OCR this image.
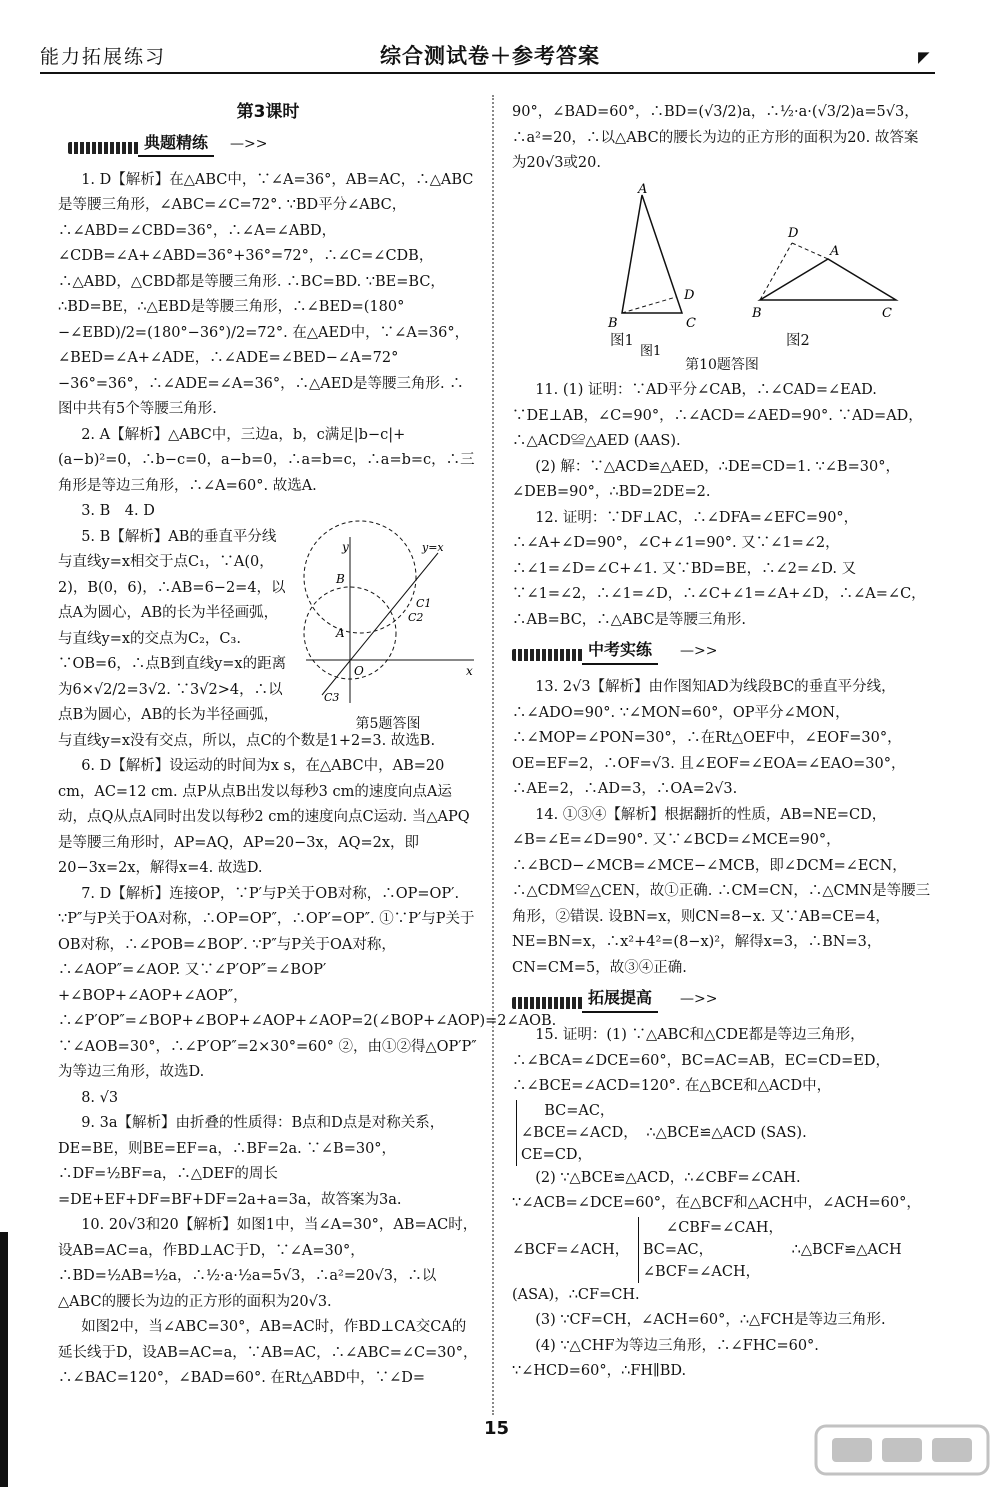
能力拓展练习	综合测试卷＋参考答案	◤

第3课时

典题精练	—>>

1. D【解析】在△ABC中，∵∠A=36°，AB=AC，∴△ABC是等腰三角形，∠ABC=∠C=72°. ∵BD平分∠ABC，∴∠ABD=∠CBD=36°，∴∠A=∠ABD，∠CDB=∠A+∠ABD=36°+36°=72°，∴∠C=∠CDB，∴△ABD，△CBD都是等腰三角形. ∴BC=BD. ∵BE=BC，∴BD=BE，∴△EBD是等腰三角形，∴∠BED=(180°−∠EBD)/2=(180°−36°)/2=72°. 在△AED中，∵∠A=36°，∠BED=∠A+∠ADE，∴∠ADE=∠BED−∠A=72°−36°=36°，∴∠ADE=∠A=36°，∴△AED是等腰三角形. ∴图中共有5个等腰三角形.

2. A【解析】△ABC中，三边a，b，c满足|b−c|+(a−b)²=0，∴b−c=0，a−b=0，∴a=b=c，∴a=b=c，∴三角形是等边三角形，∴∠A=60°. 故选A.

3. B　4. D

y
x
O
y=x
B
A
C1
C2
C3
第5题答图

5. B【解析】AB的垂直平分线与直线y=x相交于点C₁，∵A(0，2)，B(0，6)，∴AB=6−2=4，以点A为圆心，AB的长为半径画弧，与直线y=x的交点为C₂，C₃. ∵OB=6，∴点B到直线y=x的距离为6×√2/2=3√2. ∵3√2>4，∴以点B为圆心，AB的长为半径画弧，与直线y=x没有交点，所以，点C的个数是1+2=3. 故选B.

6. D【解析】设运动的时间为x s，在△ABC中，AB=20 cm，AC=12 cm. 点P从点B出发以每秒3 cm的速度向点A运动，点Q从点A同时出发以每秒2 cm的速度向点C运动. 当△APQ是等腰三角形时，AP=AQ，AP=20−3x，AQ=2x，即20−3x=2x，解得x=4. 故选D.

7. D【解析】连接OP，∵P′与P关于OB对称，∴OP=OP′. ∵P″与P关于OA对称，∴OP=OP″，∴OP′=OP″. ①∵P′与P关于OB对称，∴∠POB=∠BOP′. ∵P″与P关于OA对称，∴∠AOP″=∠AOP. 又∵∠P′OP″=∠BOP′+∠BOP+∠AOP+∠AOP″，∴∠P′OP″=∠BOP+∠BOP+∠AOP+∠AOP=2(∠BOP+∠AOP)=2∠AOB. ∵∠AOB=30°，∴∠P′OP″=2×30°=60° ②，由①②得△OP′P″为等边三角形，故选D.

8. √3

9. 3a【解析】由折叠的性质得：B点和D点是对称关系，DE=BE，则BE=EF=a，∴BF=2a. ∵∠B=30°，∴DF=½BF=a，∴△DEF的周长=DE+EF+DF=BF+DF=2a+a=3a，故答案为3a.

10. 20√3和20【解析】如图1中，当∠A=30°，AB=AC时，设AB=AC=a，作BD⊥AC于D，∵∠A=30°，∴BD=½AB=½a，∴½·a·½a=5√3，∴a²=20√3，∴以△ABC的腰长为边的正方形的面积为20√3.

如图2中，当∠ABC=30°，AB=AC时，作BD⊥CA交CA的延长线于D，设AB=AC=a，∵AB=AC，∴∠ABC=∠C=30°，∴∠BAC=120°，∠BAD=60°. 在Rt△ABD中，∵∠D=

90°，∠BAD=60°，∴BD=(√3/2)a，∴½·a·(√3/2)a=5√3，∴a²=20，∴以△ABC的腰长为边的正方形的面积为20. 故答案为20√3或20.

A
B	C
D
图1
D
A
B	C
图1	图2
第10题答图

11. (1) 证明：∵AD平分∠CAB，∴∠CAD=∠EAD. ∵DE⊥AB，∠C=90°，∴∠ACD=∠AED=90°. ∵AD=AD，∴△ACD≌△AED (AAS).

(2) 解：∵△ACD≌△AED，∴DE=CD=1. ∵∠B=30°，∠DEB=90°，∴BD=2DE=2.

12. 证明：∵DF⊥AC，∴∠DFA=∠EFC=90°，∴∠A+∠D=90°，∠C+∠1=90°. 又∵∠1=∠2，∴∠1=∠D=∠C+∠1. 又∵BD=BE，∴∠2=∠D. 又∵∠1=∠2，∴∠1=∠D，∴∠C+∠1=∠A+∠D，∴∠A=∠C，∴AB=BC，∴△ABC是等腰三角形.

中考实练	—>>

13. 2√3【解析】由作图知AD为线段BC的垂直平分线，∴∠ADO=90°. ∵∠MON=60°，OP平分∠MON，∴∠MOP=∠PON=30°，∴在Rt△OEF中，∠EOF=30°，OE=EF=2，∴OF=√3. 且∠EOF=∠EOA=∠EAO=30°，∴AE=2，∴AD=3，∴OA=2√3.

14. ①③④【解析】根据翻折的性质，AB=NE=CD，∠B=∠E=∠D=90°. 又∵∠BCD=∠MCE=90°，∴∠BCD−∠MCB=∠MCE−∠MCB，即∠DCM=∠ECN，∴△CDM≌△CEN，故①正确. ∴CM=CN，∴△CMN是等腰三角形，②错误. 设BN=x，则CN=8−x. 又∵AB=CE=4，NE=BN=x，∴x²+4²=(8−x)²，解得x=3，∴BN=3，CN=CM=5，故③④正确.

拓展提高	—>>

15. 证明：(1) ∵△ABC和△CDE都是等边三角形，∴∠BCA=∠DCE=60°，BC=AC=AB，EC=CD=ED，∴∠BCE=∠ACD=120°. 在△BCE和△ACD中， BC=AC，
∠BCE=∠ACD，
CE=CD， ∴△BCE≌△ACD (SAS).

(2) ∵△BCE≌△ACD，∴∠CBF=∠CAH. ∵∠ACB=∠DCE=60°，在△BCF和△ACH中，∠ACH=60°，∠BCF=∠ACH， ∠CBF=∠CAH，
BC=AC，
∠BCF=∠ACH， ∴△BCF≌△ACH (ASA)，∴CF=CH.

(3) ∵CF=CH，∠ACH=60°，∴△FCH是等边三角形.

(4) ∵△CHF为等边三角形，∴∠FHC=60°. ∵∠HCD=60°，∴FH∥BD.

15
